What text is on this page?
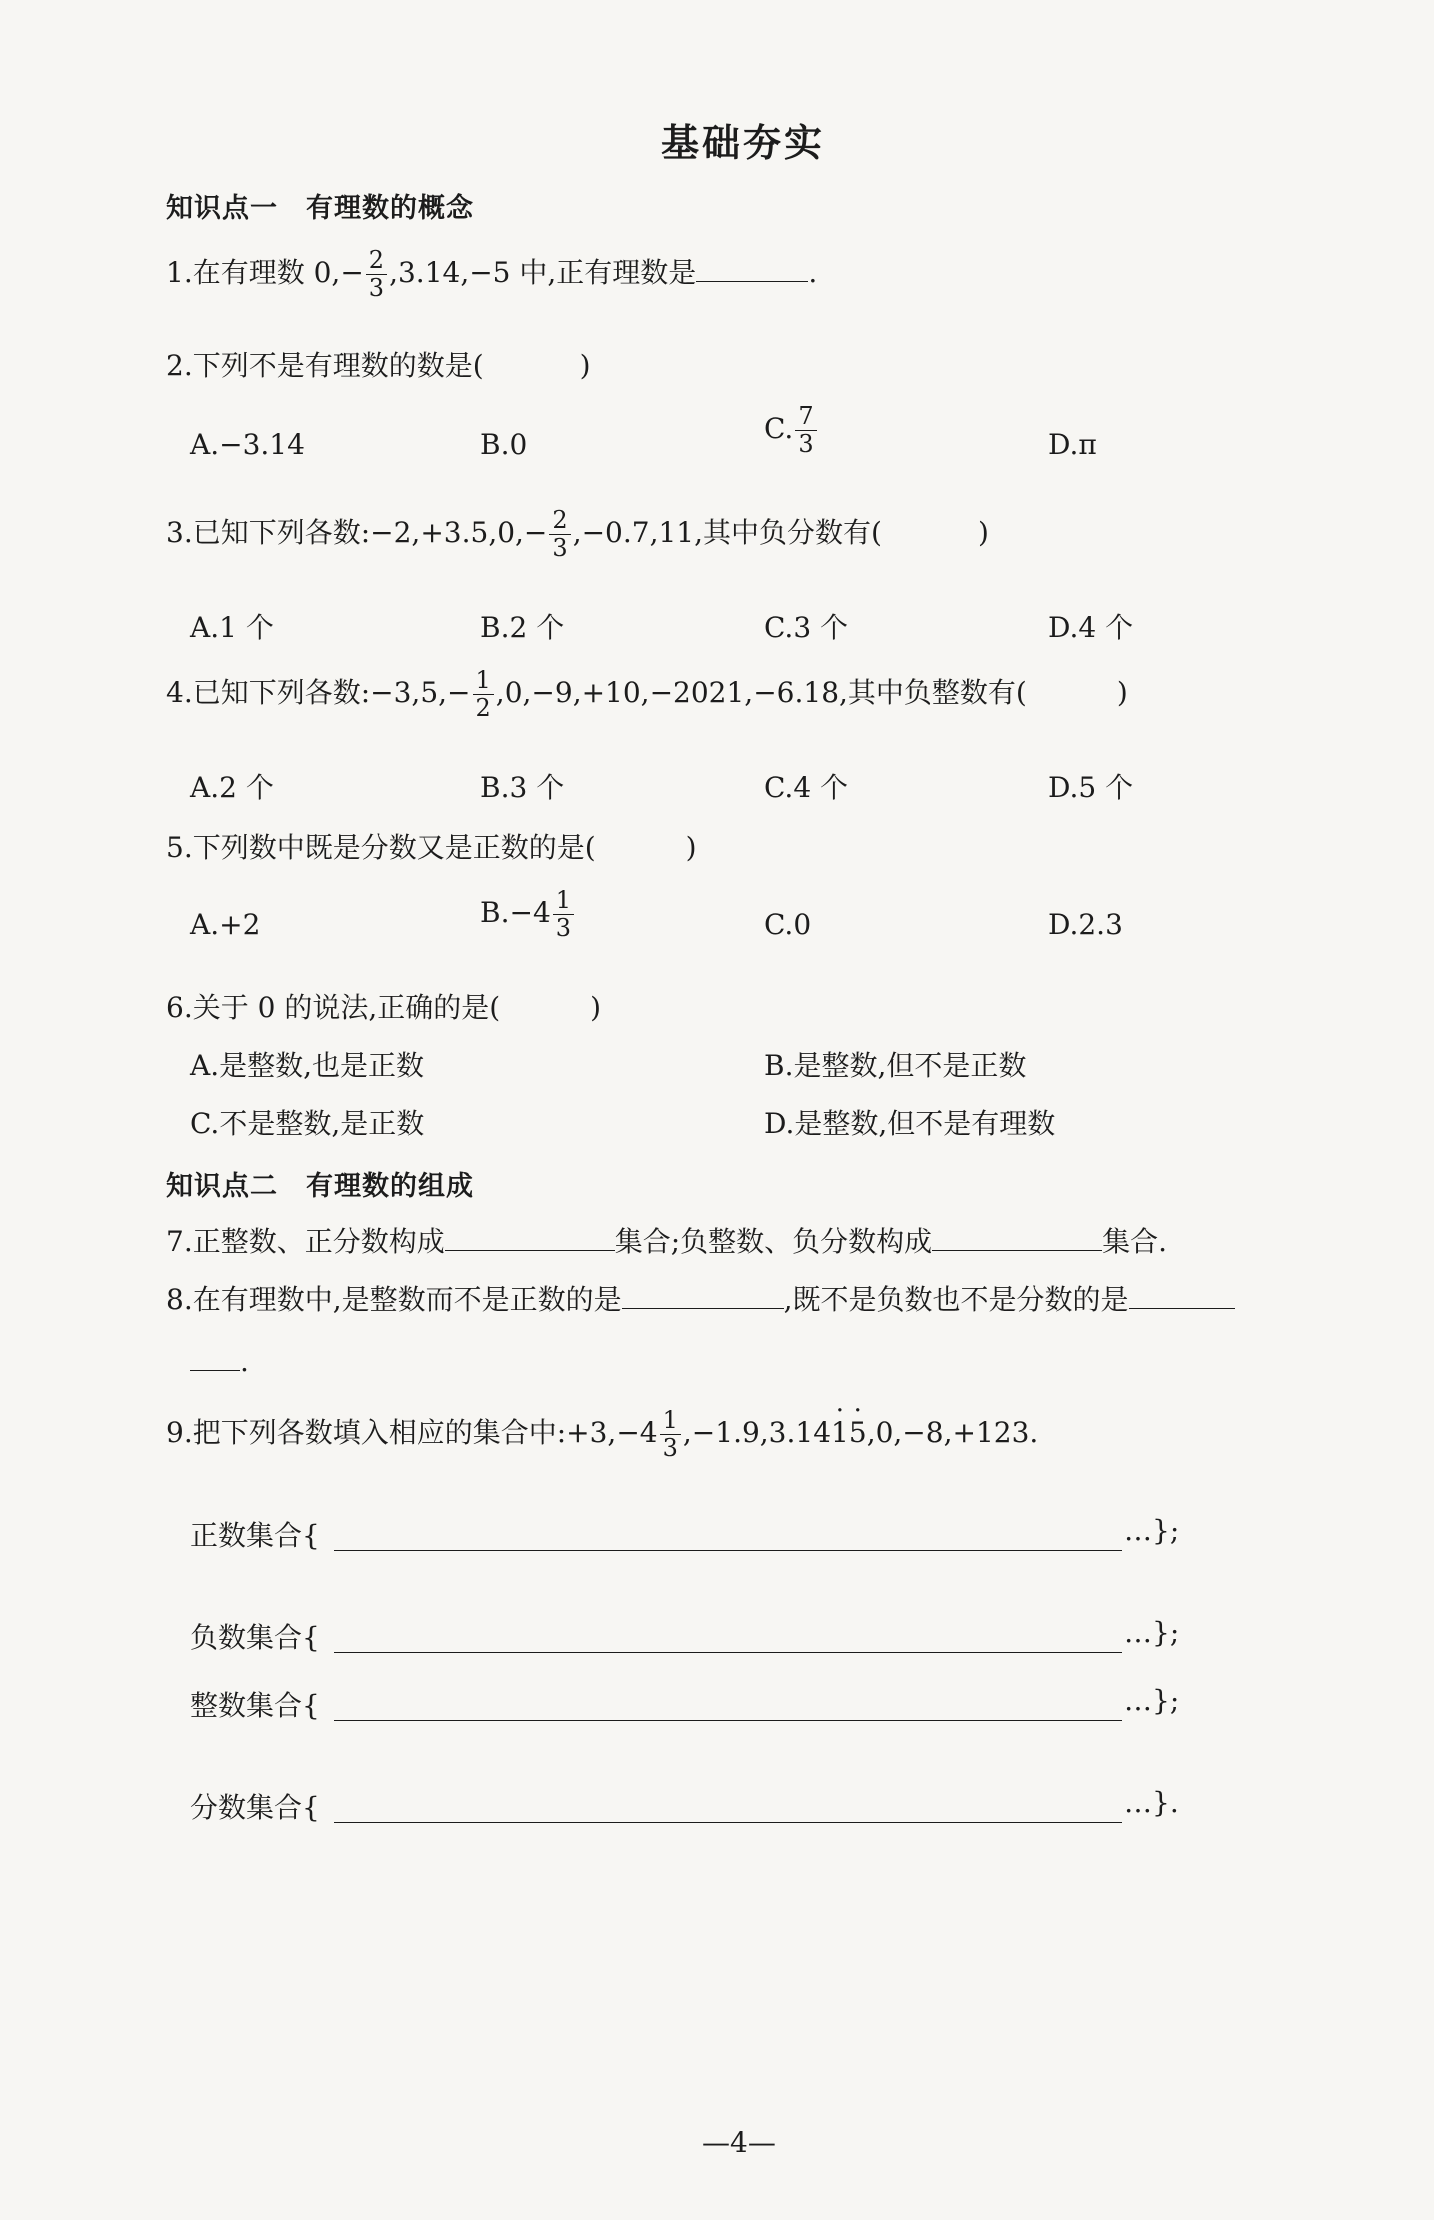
基础夯实
知识点一　有理数的概念
1.在有理数 $0,- \frac{2}{3} ,3.14,-5$ 中,正有理数是	.
2.下列不是有理数的数是(	)
A.−3.14	B.0	C. $\frac{7}{3}$	D.π
3.已知下列各数:−2,+3.5,0,− $\frac{2}{3} ,-0.7,11$,其中负分数有(	)
A.1 个	B.2 个	C.3 个	D.4 个
4.已知下列各数:−3,5,− $\frac{1}{2} ,0,-9,+10,-2021,-6.18$,其中负整数有(	)
A.2 个	B.3 个	C.4 个	D.5 个
5.下列数中既是分数又是正数的是(	)
A.+2	$B.-4 \frac{1}{3}$	C.0	D.2.3
6.关于 0 的说法,正确的是(	)
A.是整数,也是正数	B.是整数,但不是正数
C.不是整数,是正数	D.是整数,但不是有理数
知识点二　有理数的组成
7.正整数、正分数构成	集合;负整数、负分数构成	集合.
8.在有理数中,是整数而不是正数的是	,既不是负数也不是分数的是
.
9.把下列各数填入相应的集合中:+3,−4 $\frac{1}{3} ,-1.9,3.14\cdot 1\cdot 5,0,-8,+123$.
正数集合{	…};
负数集合{	…};
整数集合{	…};
分数集合{	…}.
—4—
